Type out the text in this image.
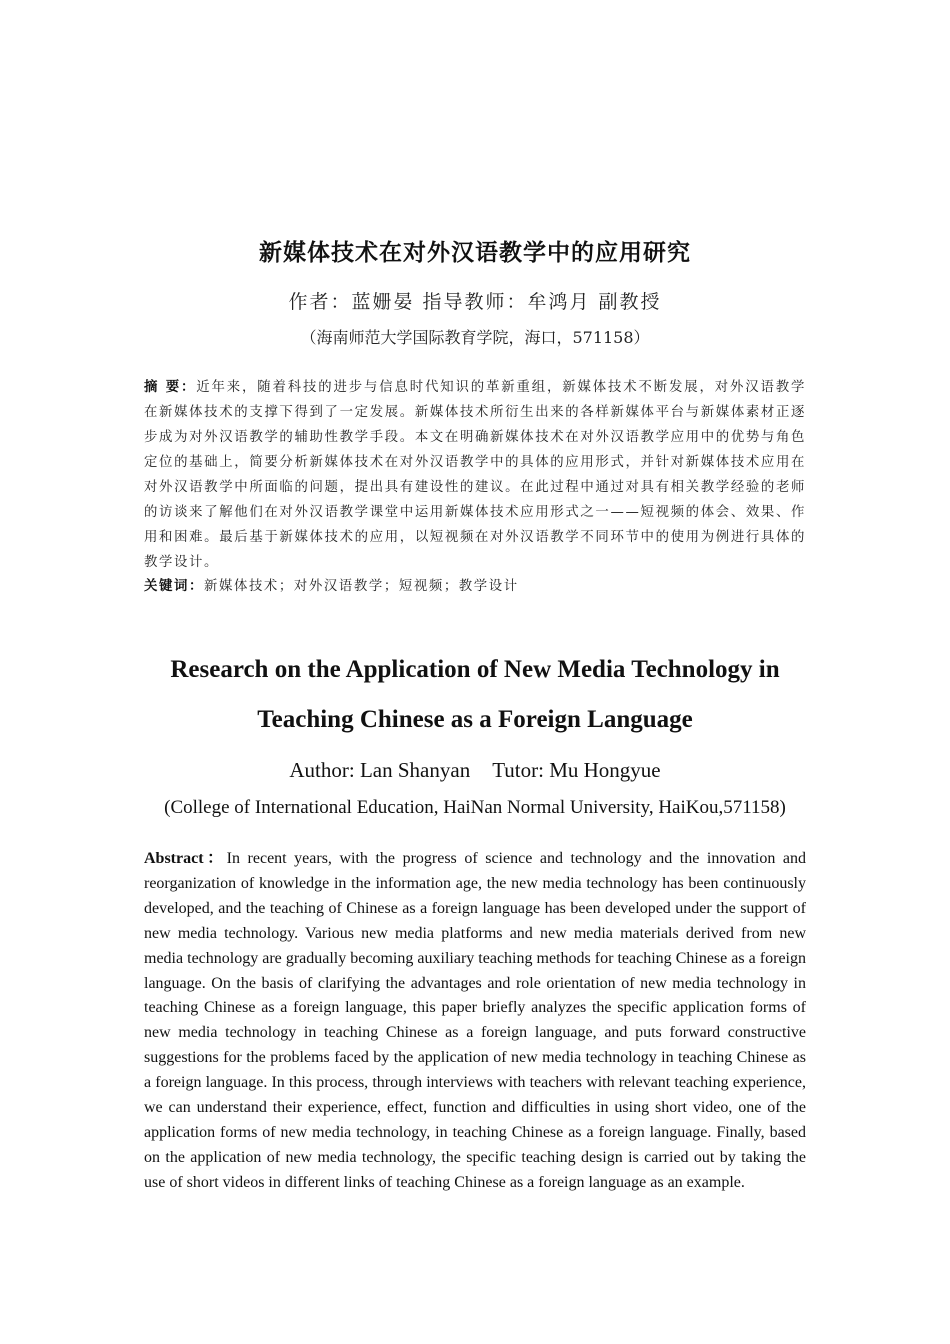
新媒体技术在对外汉语教学中的应用研究
作者：蓝姗晏 指导教师：牟鸿月 副教授
（海南师范大学国际教育学院，海口，571158）
摘 要：近年来，随着科技的进步与信息时代知识的革新重组，新媒体技术不断发展，对外汉语教学在新媒体技术的支撑下得到了一定发展。新媒体技术所衍生出来的各样新媒体平台与新媒体素材正逐步成为对外汉语教学的辅助性教学手段。本文在明确新媒体技术在对外汉语教学应用中的优势与角色定位的基础上，简要分析新媒体技术在对外汉语教学中的具体的应用形式，并针对新媒体技术应用在对外汉语教学中所面临的问题，提出具有建设性的建议。在此过程中通过对具有相关教学经验的老师的访谈来了解他们在对外汉语教学课堂中运用新媒体技术应用形式之一——短视频的体会、效果、作用和困难。最后基于新媒体技术的应用，以短视频在对外汉语教学不同环节中的使用为例进行具体的教学设计。
关键词：新媒体技术；对外汉语教学；短视频；教学设计
Research on the Application of New Media Technology in
Teaching Chinese as a Foreign Language
Author: Lan Shanyan Tutor: Mu Hongyue
(College of International Education, HaiNan Normal University, HaiKou,571158)
Abstract：In recent years, with the progress of science and technology and the innovation and reorganization of knowledge in the information age, the new media technology has been continuously developed, and the teaching of Chinese as a foreign language has been developed under the support of new media technology. Various new media platforms and new media materials derived from new media technology are gradually becoming auxiliary teaching methods for teaching Chinese as a foreign language. On the basis of clarifying the advantages and role orientation of new media technology in teaching Chinese as a foreign language, this paper briefly analyzes the specific application forms of new media technology in teaching Chinese as a foreign language, and puts forward constructive suggestions for the problems faced by the application of new media technology in teaching Chinese as a foreign language. In this process, through interviews with teachers with relevant teaching experience, we can understand their experience, effect, function and difficulties in using short video, one of the application forms of new media technology, in teaching Chinese as a foreign language. Finally, based on the application of new media technology, the specific teaching design is carried out by taking the use of short videos in different links of teaching Chinese as a foreign language as an example.
